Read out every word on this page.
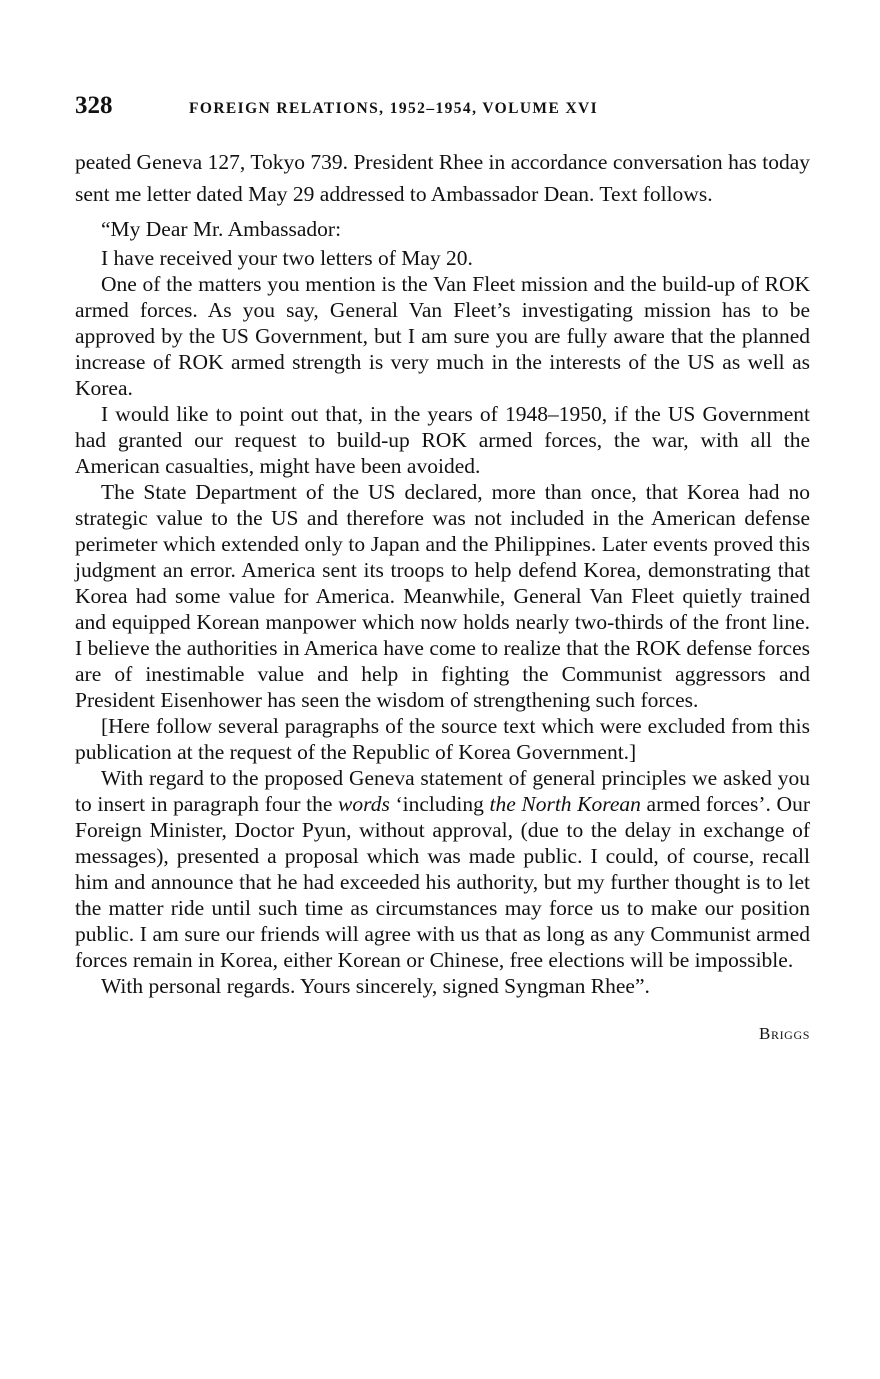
328	FOREIGN RELATIONS, 1952–1954, VOLUME XVI

peated Geneva 127, Tokyo 739. President Rhee in accordance conversation has today sent me letter dated May 29 addressed to Ambassador Dean. Text follows.

“My Dear Mr. Ambassador:

I have received your two letters of May 20.

One of the matters you mention is the Van Fleet mission and the build-up of ROK armed forces. As you say, General Van Fleet’s investigating mission has to be approved by the US Government, but I am sure you are fully aware that the planned increase of ROK armed strength is very much in the interests of the US as well as Korea.

I would like to point out that, in the years of 1948–1950, if the US Government had granted our request to build-up ROK armed forces, the war, with all the American casualties, might have been avoided.

The State Department of the US declared, more than once, that Korea had no strategic value to the US and therefore was not included in the American defense perimeter which extended only to Japan and the Philippines. Later events proved this judgment an error. America sent its troops to help defend Korea, demonstrating that Korea had some value for America. Meanwhile, General Van Fleet quietly trained and equipped Korean manpower which now holds nearly two-thirds of the front line. I believe the authorities in America have come to realize that the ROK defense forces are of inestimable value and help in fighting the Communist aggressors and President Eisenhower has seen the wisdom of strengthening such forces.

[Here follow several paragraphs of the source text which were excluded from this publication at the request of the Republic of Korea Government.]

With regard to the proposed Geneva statement of general principles we asked you to insert in paragraph four the words ‘including the North Korean armed forces’. Our Foreign Minister, Doctor Pyun, without approval, (due to the delay in exchange of messages), presented a proposal which was made public. I could, of course, recall him and announce that he had exceeded his authority, but my further thought is to let the matter ride until such time as circumstances may force us to make our position public. I am sure our friends will agree with us that as long as any Communist armed forces remain in Korea, either Korean or Chinese, free elections will be impossible.

With personal regards. Yours sincerely, signed Syngman Rhee”.

Briggs
